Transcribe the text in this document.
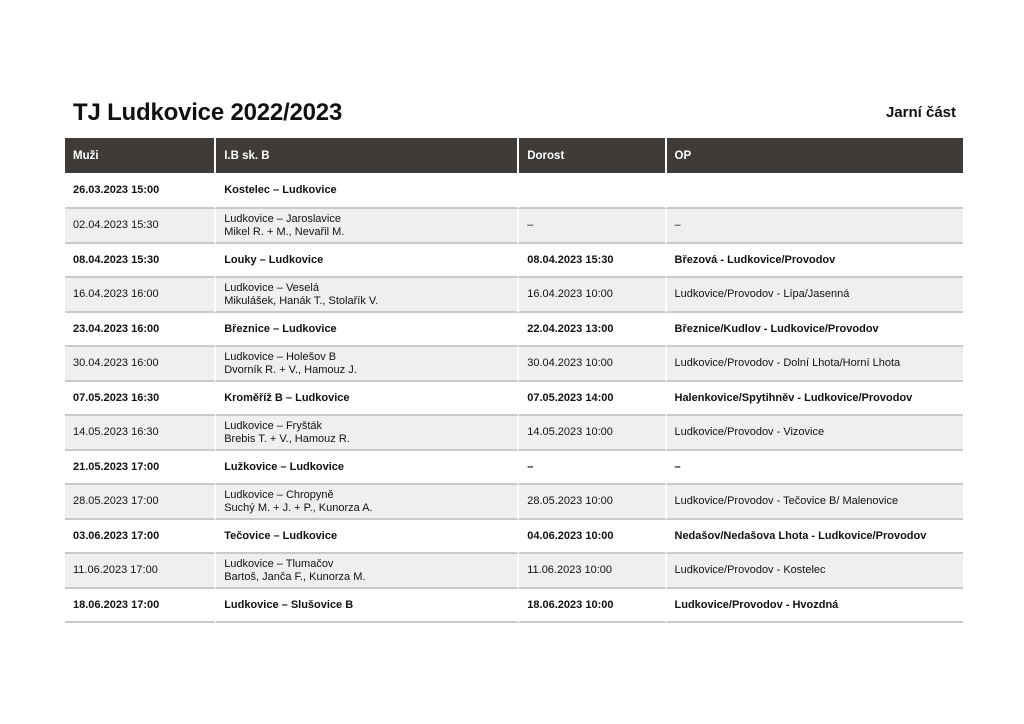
TJ Ludkovice 2022/2023	Jarní část
Muži	I.B sk. B	Dorost	OP
26.03.2023 15:00	Kostelec – Ludkovice		

02.04.2023 15:30	Ludkovice – Jaroslavice
Mikel R. + M., Nevařil M.	–	–
08.04.2023 15:30	Louky – Ludkovice	08.04.2023 15:30	Březová - Ludkovice/Provodov
16.04.2023 16:00	Ludkovice – Veselá
Mikulášek, Hanák T., Stolařík V.	16.04.2023 10:00	Ludkovice/Provodov - Lípa/Jasenná
23.04.2023 16:00	Březnice – Ludkovice	22.04.2023 13:00	Březnice/Kudlov - Ludkovice/Provodov
30.04.2023 16:00	Ludkovice – Holešov B
Dvorník R. + V., Hamouz J.	30.04.2023 10:00	Ludkovice/Provodov - Dolní Lhota/Horní Lhota
07.05.2023 16:30	Kroměříž B – Ludkovice	07.05.2023 14:00	Halenkovice/Spytihněv - Ludkovice/Provodov
14.05.2023 16:30	Ludkovice – Fryšták
Brebis T. + V., Hamouz R.	14.05.2023 10:00	Ludkovice/Provodov - Vizovice
21.05.2023 17:00	Lužkovice – Ludkovice	–	–
28.05.2023 17:00	Ludkovice – Chropyně
Suchý M. + J. + P., Kunorza A.	28.05.2023 10:00	Ludkovice/Provodov - Tečovice B/ Malenovice
03.06.2023 17:00	Tečovice – Ludkovice	04.06.2023 10:00	Nedašov/Nedašova Lhota - Ludkovice/Provodov
11.06.2023 17:00	Ludkovice – Tlumačov
Bartoš, Janča F., Kunorza M.	11.06.2023 10:00	Ludkovice/Provodov - Kostelec
18.06.2023 17:00	Ludkovice – Slušovice B	18.06.2023 10:00	Ludkovice/Provodov - Hvozdná
